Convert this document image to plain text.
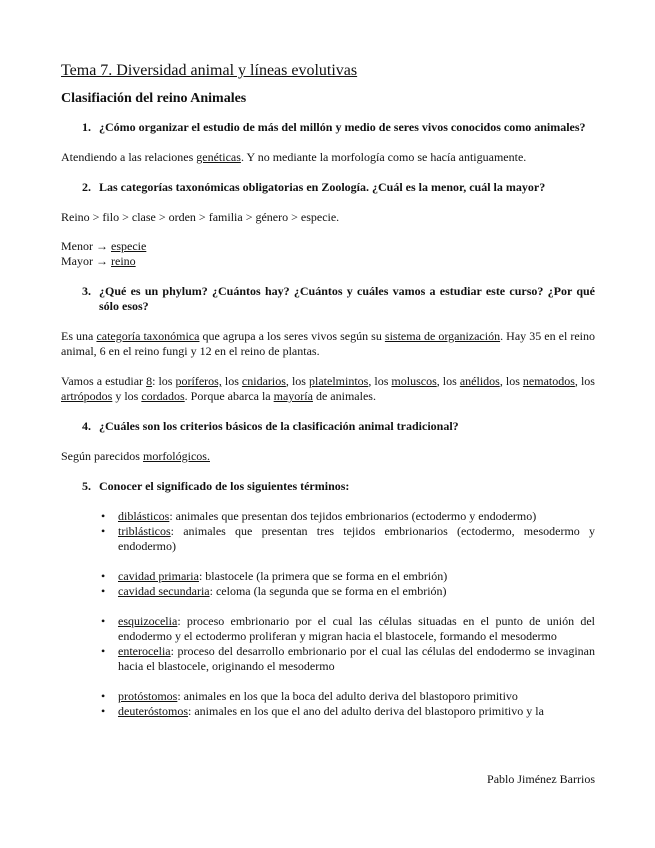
Tema 7. Diversidad animal y líneas evolutivas
Clasifiación del reino Animales
1. ¿Cómo organizar el estudio de más del millón y medio de seres vivos conocidos como animales?

Atendiendo a las relaciones genéticas. Y no mediante la morfología como se hacía antiguamente.

2. Las categorías taxonómicas obligatorias en Zoología. ¿Cuál es la menor, cuál la mayor?

Reino > filo > clase > orden > familia > género > especie.

Menor → especie

Mayor → reino

3. ¿Qué es un phylum? ¿Cuántos hay? ¿Cuántos y cuáles vamos a estudiar este curso? ¿Por qué sólo esos?

Es una categoría taxonómica que agrupa a los seres vivos según su sistema de organización. Hay 35 en el reino animal, 6 en el reino fungi y 12 en el reino de plantas.

Vamos a estudiar 8: los poríferos, los cnidarios, los platelmintos, los moluscos, los anélidos, los nematodos, los artrópodos y los cordados. Porque abarca la mayoría de animales.

4. ¿Cuáles son los criterios básicos de la clasificación animal tradicional?

Según parecidos morfológicos.

5. Conocer el significado de los siguientes términos:
•	diblásticos: animales que presentan dos tejidos embrionarios (ectodermo y endodermo)
•	triblásticos: animales que presentan tres tejidos embrionarios (ectodermo, mesodermo y endodermo)
•	cavidad primaria: blastocele (la primera que se forma en el embrión)
•	cavidad secundaria: celoma (la segunda que se forma en el embrión)
•	esquizocelia: proceso embrionario por el cual las células situadas en el punto de unión del endodermo y el ectodermo proliferan y migran hacia el blastocele, formando el mesodermo
•	enterocelia: proceso del desarrollo embrionario por el cual las células del endodermo se invaginan hacia el blastocele, originando el mesodermo
•	protóstomos: animales en los que la boca del adulto deriva del blastoporo primitivo
•	deuteróstomos: animales en los que el ano del adulto deriva del blastoporo primitivo y la
Pablo Jiménez Barrios
